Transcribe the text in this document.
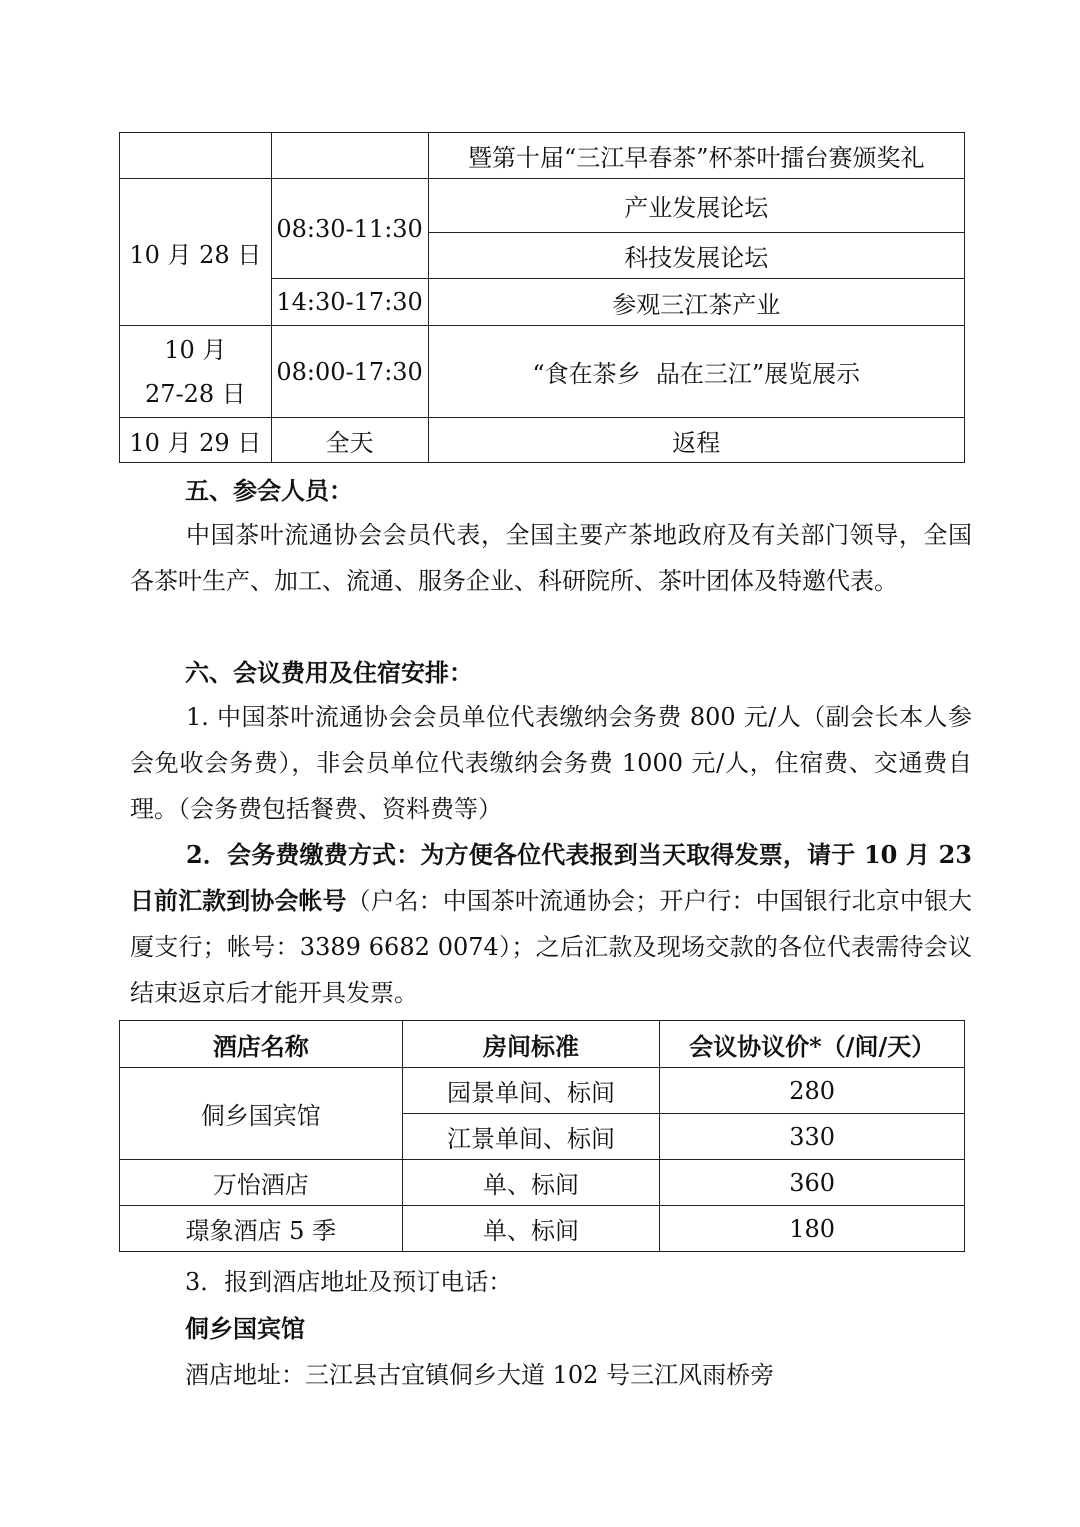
		暨第十届“三江早春茶”杯茶叶擂台赛颁奖礼
10 月 28 日	08:30-11:30	产业发展论坛
		科技发展论坛
	14:30-17:30	参观三江茶产业
10 月
27-28 日	08:00-17:30	“食在茶乡  品在三江”展览展示
10 月 29 日	全天	返程

五、参会人员：

中国茶叶流通协会会员代表，全国主要产茶地政府及有关部门领导，全国各茶叶生产、加工、流通、服务企业、科研院所、茶叶团体及特邀代表。

六、会议费用及住宿安排：

1. 中国茶叶流通协会会员单位代表缴纳会务费 800 元/人（副会长本人参会免收会务费），非会员单位代表缴纳会务费 1000 元/人，住宿费、交通费自理。（会务费包括餐费、资料费等）

2．会务费缴费方式：为方便各位代表报到当天取得发票，请于 10 月 23 日前汇款到协会帐号（户名：中国茶叶流通协会；开户行：中国银行北京中银大厦支行；帐号：3389 6682 0074）；之后汇款及现场交款的各位代表需待会议结束返京后才能开具发票。

酒店名称	房间标准	会议协议价*（/间/天）
侗乡国宾馆	园景单间、标间	280
	江景单间、标间	330
万怡酒店	单、标间	360
璟象酒店 5 季	单、标间	180

3．报到酒店地址及预订电话：

侗乡国宾馆

酒店地址：三江县古宜镇侗乡大道 102 号三江风雨桥旁
